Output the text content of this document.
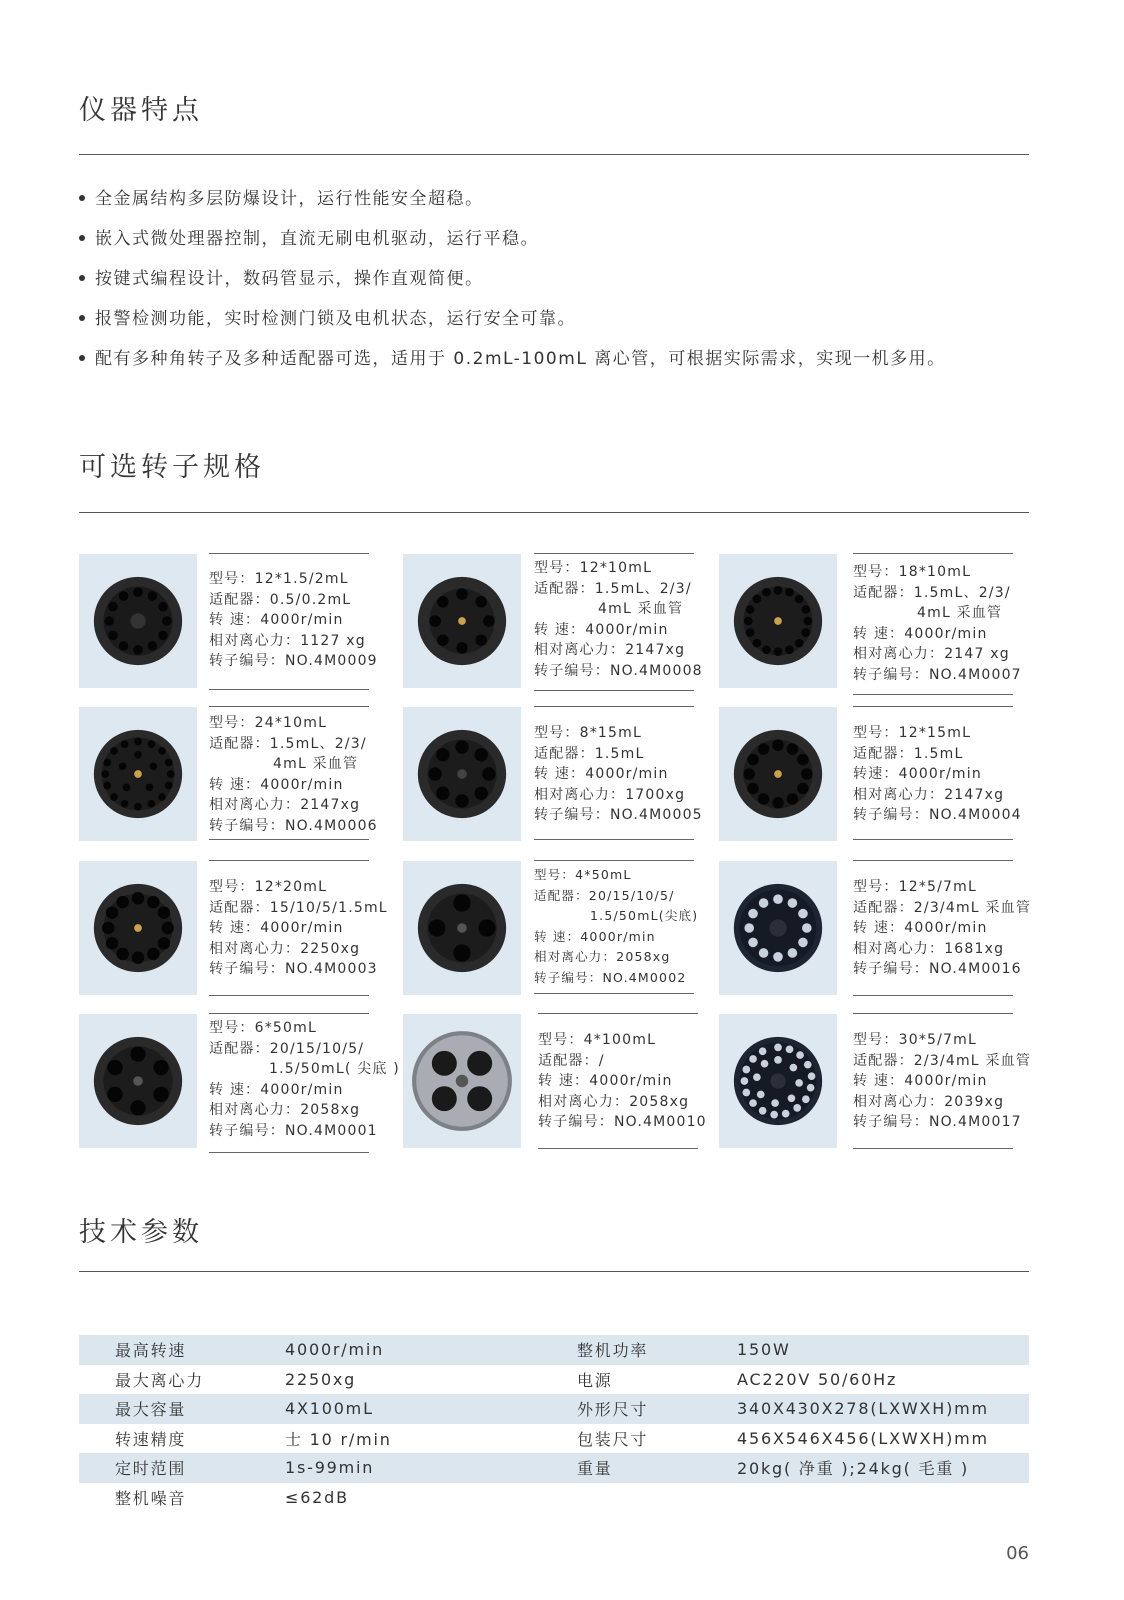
仪器特点
全金属结构多层防爆设计，运行性能安全超稳。
嵌入式微处理器控制，直流无刷电机驱动，运行平稳。
按键式编程设计，数码管显示，操作直观简便。
报警检测功能，实时检测门锁及电机状态，运行安全可靠。
配有多种角转子及多种适配器可选，适用于 0.2mL-100mL 离心管，可根据实际需求，实现一机多用。
可选转子规格
型号：12*1.5/2mL
适配器：0.5/0.2mL
转 速：4000r/min
相对离心力：1127 xg
转子编号：NO.4M0009
型号：12*10mL
适配器：1.5mL、2/3/
4mL 采血管
转 速：4000r/min
相对离心力：2147xg
转子编号：NO.4M0008
型号：18*10mL
适配器：1.5mL、2/3/
4mL 采血管
转 速：4000r/min
相对离心力：2147 xg
转子编号：NO.4M0007
型号：24*10mL
适配器：1.5mL、2/3/
4mL 采血管
转 速：4000r/min
相对离心力：2147xg
转子编号：NO.4M0006
型号：8*15mL
适配器：1.5mL
转 速：4000r/min
相对离心力：1700xg
转子编号：NO.4M0005
型号：12*15mL
适配器：1.5mL
转速：4000r/min
相对离心力：2147xg
转子编号：NO.4M0004
型号：12*20mL
适配器：15/10/5/1.5mL
转 速：4000r/min
相对离心力：2250xg
转子编号：NO.4M0003
型号：4*50mL
适配器：20/15/10/5/
1.5/50mL(尖底)
转 速：4000r/min
相对离心力：2058xg
转子编号：NO.4M0002
型号：12*5/7mL
适配器：2/3/4mL 采血管
转 速：4000r/min
相对离心力：1681xg
转子编号：NO.4M0016
型号：6*50mL
适配器：20/15/10/5/
1.5/50mL( 尖底 )
转 速：4000r/min
相对离心力：2058xg
转子编号：NO.4M0001
型号：4*100mL
适配器：/
转 速：4000r/min
相对离心力：2058xg
转子编号：NO.4M0010
型号：30*5/7mL
适配器：2/3/4mL 采血管
转 速：4000r/min
相对离心力：2039xg
转子编号：NO.4M0017
技术参数
最高转速	4000r/min	整机功率	150W
最大离心力	2250xg	电源	AC220V 50/60Hz
最大容量	4X100mL	外形尺寸	340X430X278(LXWXH)mm
转速精度	士 10 r/min	包装尺寸	456X546X456(LXWXH)mm
定时范围	1s-99min	重量	20kg( 净重 );24kg( 毛重 )
整机噪音	≤62dB		
06
